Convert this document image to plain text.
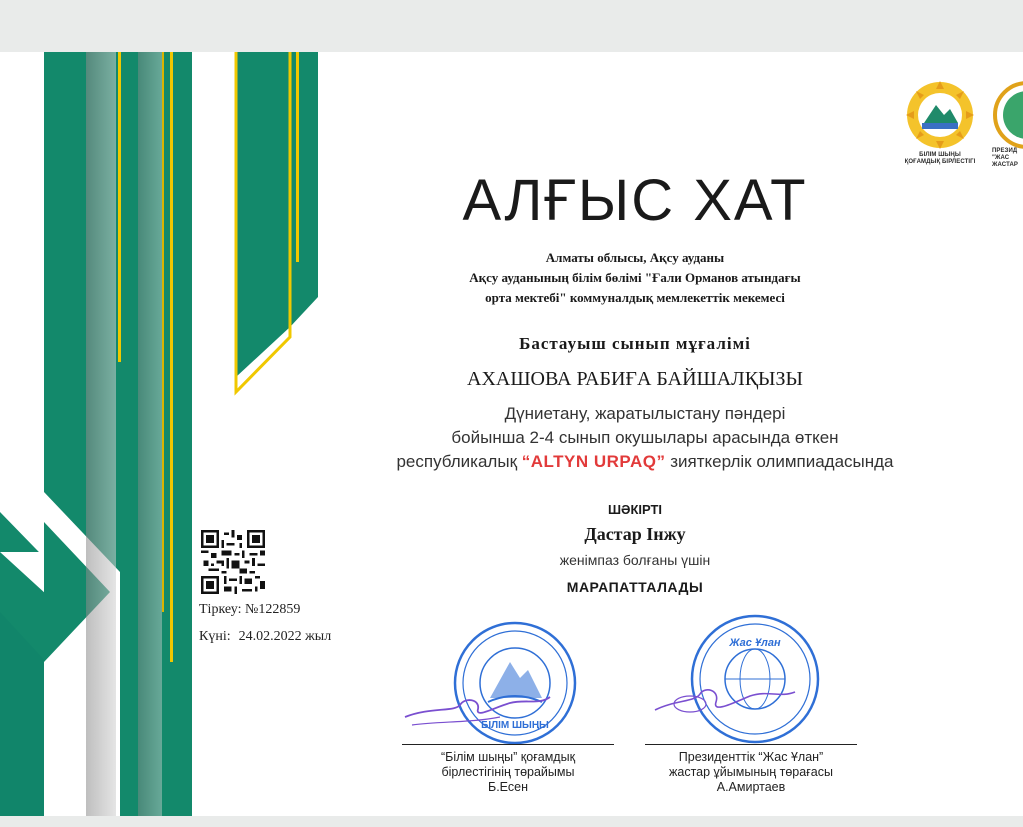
БІЛІМ ШЫҢЫ
ҚОҒАМДЫҚ БІРЛЕСТІГІ
ПРЕЗИД
"ЖАС
ЖАСТАР
АЛҒЫС ХАТ
Алматы облысы, Ақсу ауданы
Ақсу ауданының білім бөлімі "Ғали Орманов атындағы
орта мектебі" коммуналдық мемлекеттік мекемесі
Бастауыш сынып мұғалімі
АХАШОВА РАБИҒА БАЙШАЛҚЫЗЫ
Дүниетану, жаратылыстану пәндері
бойынша 2-4 сынып окушылары арасында өткен
республикалық “ALTYN URPAQ” зияткерлік олимпиадасында
ШӘКІРТІ
Дастар Інжу
женімпаз болғаны үшін
МАРАПАТТАЛАДЫ
Тіркеу: №122859
Күні: 24.02.2022 жыл
БІЛІМ ШЫҢЫ
Жас Ұлан
“Білім шыңы” қоғамдық
бірлестігінің төрайымы
Б.Есен
Президенттік “Жас Ұлан”
жастар ұйымының төрағасы
А.Амиртаев
